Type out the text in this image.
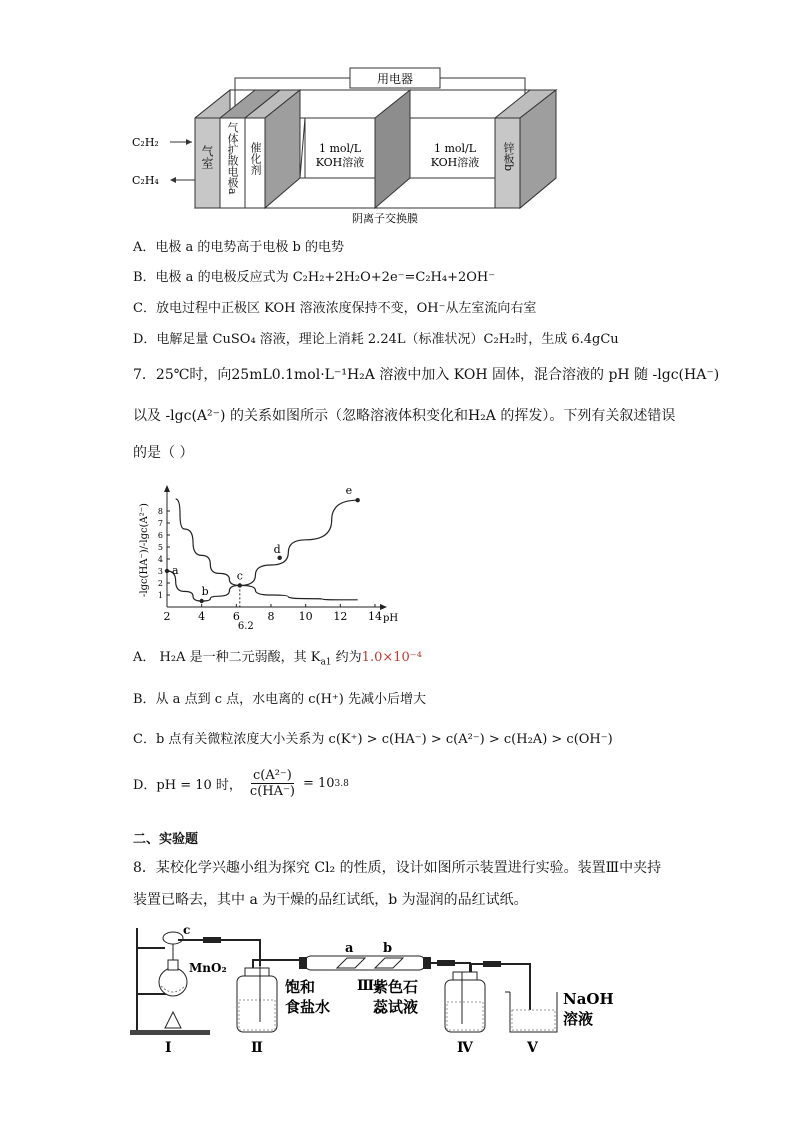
用电器
C₂H₂
C₂H₄
气室	气体扩散电极a 催化剂	锌板b
1 mol/L
KOH溶液
1 mol/L
KOH溶液
阴离子交换膜
A．电极 a 的电势高于电极 b 的电势
B．电极 a 的电极反应式为 C₂H₂+2H₂O+2e⁻=C₂H₄+2OH⁻
C．放电过程中正极区 KOH 溶液浓度保持不变，OH⁻从左室流向右室
D．电解足量 CuSO₄ 溶液，理论上消耗 2.24L（标准状况）C₂H₂时，生成 6.4gCu
7．25℃时，向25mL0.1mol·L⁻¹H₂A 溶液中加入 KOH 固体，混合溶液的 pH 随 -lgc(HA⁻)
以及 -lgc(A²⁻) 的关系如图所示（忽略溶液体积变化和H₂A 的挥发）。下列有关叙述错误
的是（ ）
2	4	6	8 10 12 14 pH
1
2
3
4
5
6
7
8
-lgc(HA⁻)/-lgc(A²⁻)
6.2
a
b
c
d
e
A． H₂A 是一种二元弱酸，其 $K_{a1}$ 约为1.0×10⁻⁴
B．从 a 点到 c 点，水电离的 c(H⁺) 先减小后增大
C．b 点有关微粒浓度大小关系为 c(K⁺) > c(HA⁻) > c(A²⁻) > c(H₂A) > c(OH⁻)
D．pH = 10 时， $\frac{\text{c(A²⁻)}}{c(HA^-)} = 10$ 3.8
二、实验题
8．某校化学兴趣小组为探究 Cl₂ 的性质，设计如图所示装置进行实验。装置Ⅲ中夹持
装置已略去，其中 a 为干燥的品红试纸，b 为湿润的品红试纸。
c
MnO₂
Ⅰ
饱和
食盐水
Ⅱ
a b
Ⅲ
紫色石
蕊试液
Ⅳ
NaOH
溶液
Ⅴ
